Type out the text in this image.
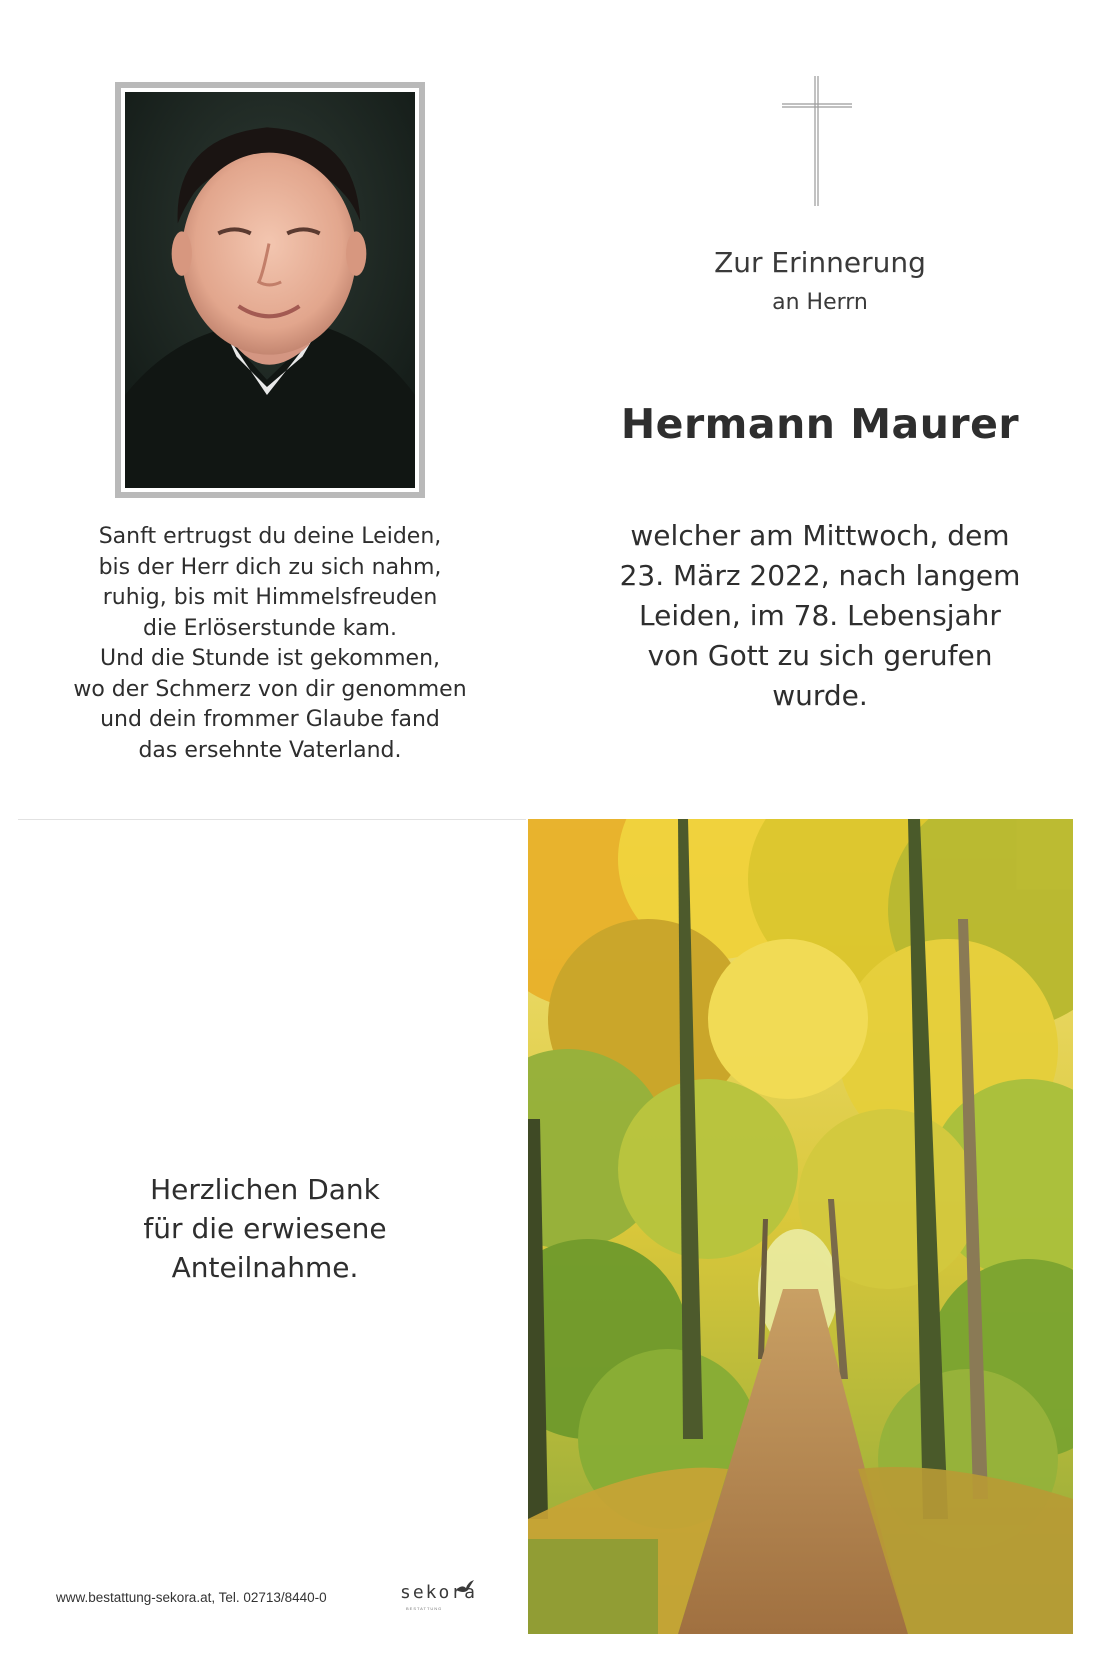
Zur Erinnerung
an Herrn
Hermann Maurer
welcher am Mittwoch, dem
23. März 2022, nach langem
Leiden, im 78. Lebensjahr
von Gott zu sich gerufen
wurde.
Sanft ertrugst du deine Leiden,
bis der Herr dich zu sich nahm,
ruhig, bis mit Himmelsfreuden
die Erlöserstunde kam.
Und die Stunde ist gekommen,
wo der Schmerz von dir genommen
und dein frommer Glaube fand
das ersehnte Vaterland.
Herzlichen Dank
für die erwiesene
Anteilnahme.
www.bestattung-sekora.at, Tel. 02713/8440-0	sekora
BESTATTUNG
